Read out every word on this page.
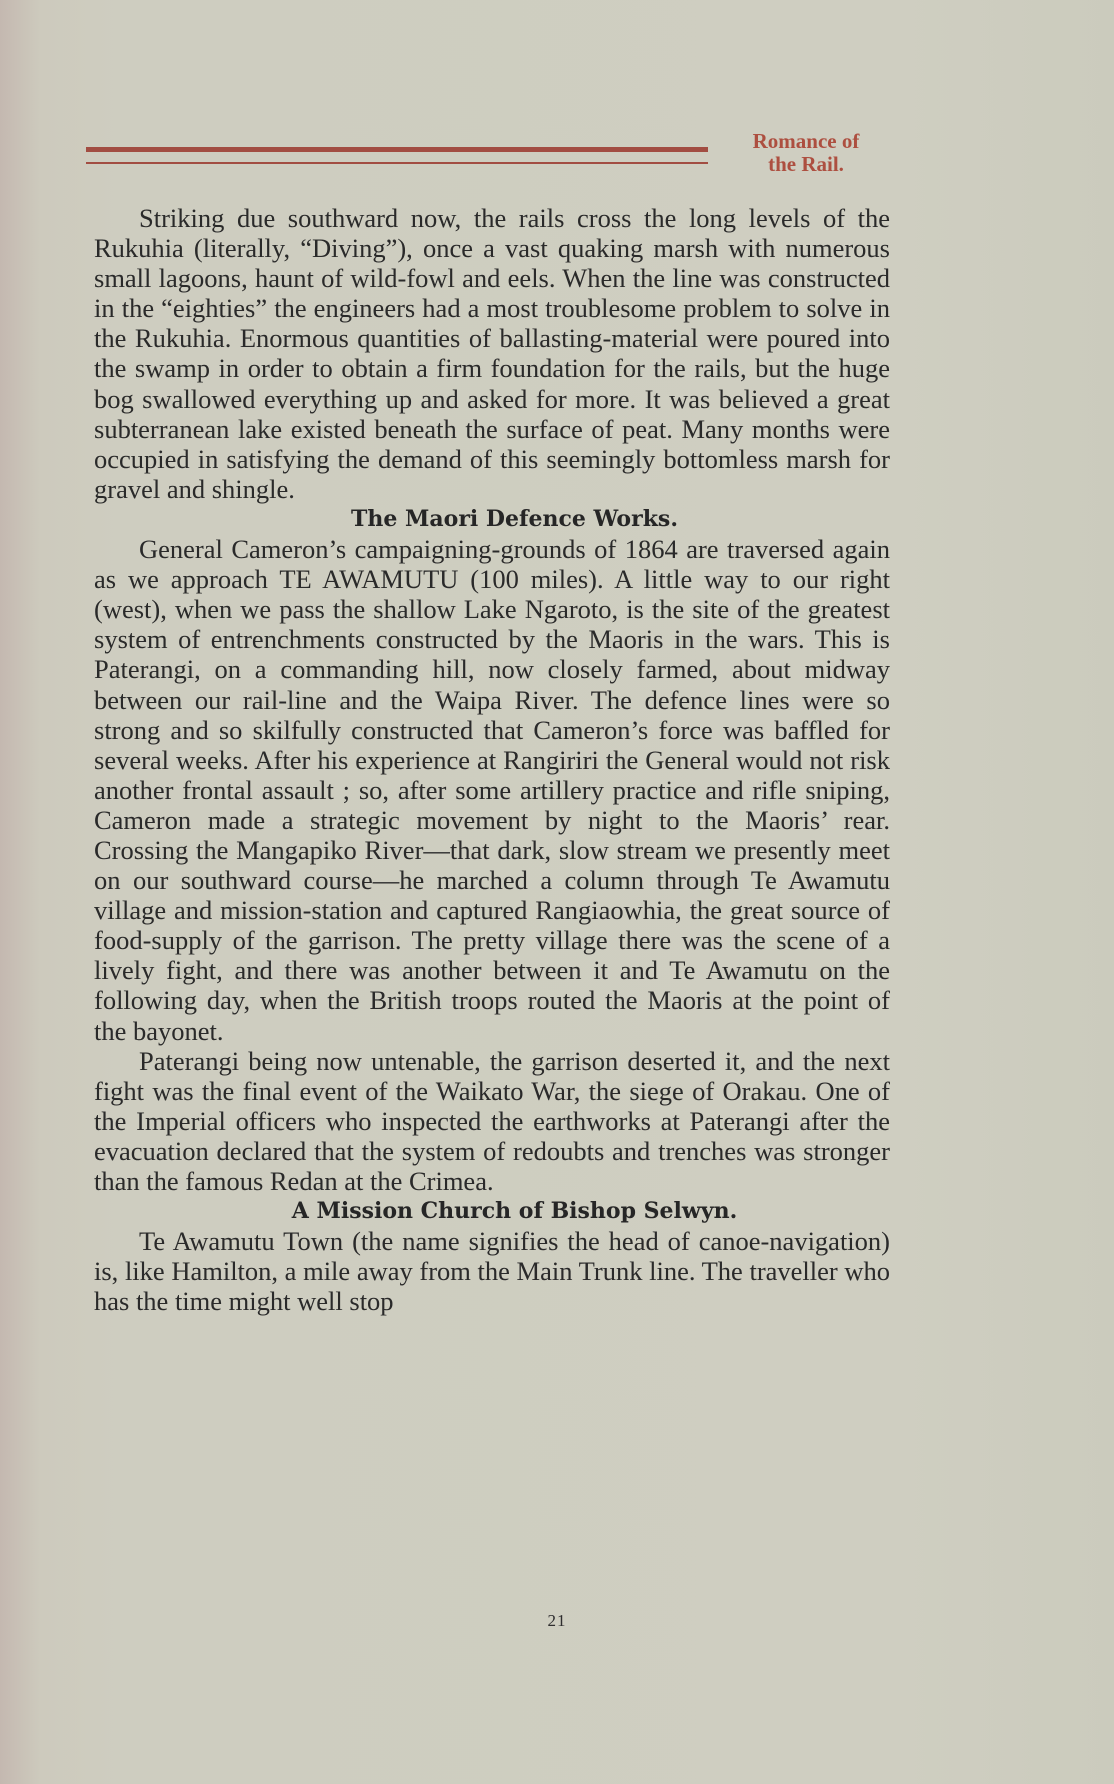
Romance of
the Rail.

Striking due southward now, the rails cross the long levels of the Rukuhia (literally, “Diving”), once a vast quaking marsh with numerous small lagoons, haunt of wild-fowl and eels. When the line was constructed in the “eighties” the engineers had a most troublesome problem to solve in the Rukuhia. Enormous quantities of ballasting-material were poured into the swamp in order to obtain a firm foundation for the rails, but the huge bog swallowed everything up and asked for more. It was believed a great subterranean lake existed beneath the surface of peat. Many months were occupied in satisfying the demand of this seemingly bottomless marsh for gravel and shingle.

The Maori Defence Works.

General Cameron’s campaigning-grounds of 1864 are traversed again as we approach TE AWAMUTU (100 miles). A little way to our right (west), when we pass the shallow Lake Ngaroto, is the site of the greatest system of entrenchments constructed by the Maoris in the wars. This is Paterangi, on a commanding hill, now closely farmed, about midway between our rail-line and the Waipa River. The defence lines were so strong and so skilfully constructed that Cameron’s force was baffled for several weeks. After his experience at Rangiriri the General would not risk another frontal assault ; so, after some artillery practice and rifle sniping, Cameron made a strategic movement by night to the Maoris’ rear. Crossing the Mangapiko River—that dark, slow stream we presently meet on our southward course—he marched a column through Te Awamutu village and mission-station and captured Rangiaowhia, the great source of food-supply of the garrison. The pretty village there was the scene of a lively fight, and there was another between it and Te Awamutu on the following day, when the British troops routed the Maoris at the point of the bayonet.

Paterangi being now untenable, the garrison deserted it, and the next fight was the final event of the Waikato War, the siege of Orakau. One of the Imperial officers who inspected the earthworks at Paterangi after the evacuation declared that the system of redoubts and trenches was stronger than the famous Redan at the Crimea.

A Mission Church of Bishop Selwyn.

Te Awamutu Town (the name signifies the head of canoe-navigation) is, like Hamilton, a mile away from the Main Trunk line. The traveller who has the time might well stop

21
